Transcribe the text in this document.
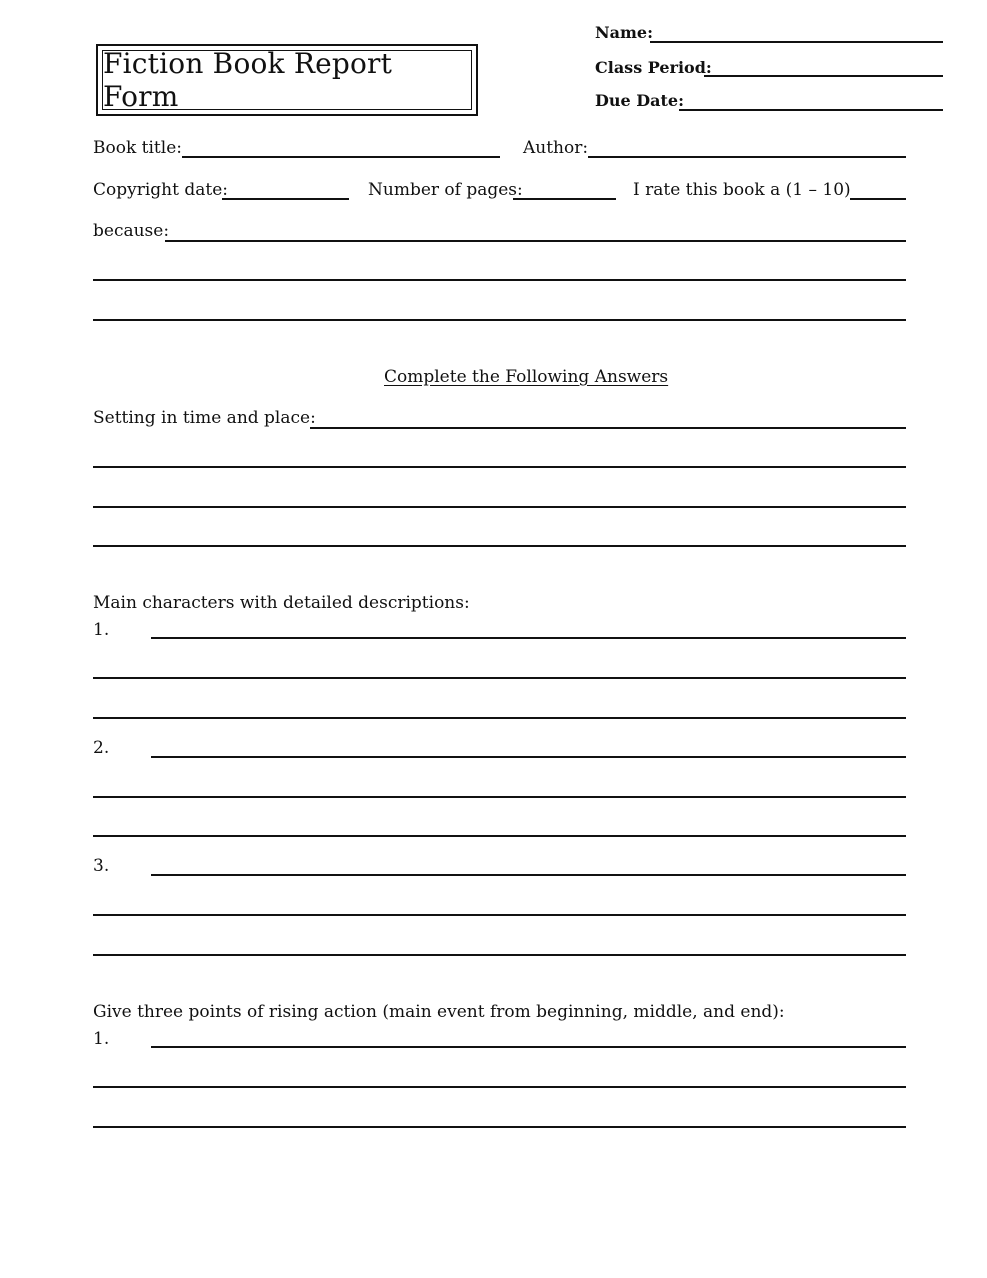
Name:
Class Period:
Due Date:
Fiction Book Report Form
Book title:	Author:
Copyright date:	Number of pages:	I rate this book a (1 – 10)
because:
Complete the Following Answers
Setting in time and place:
Main characters with detailed descriptions:
1.
2.
3.
Give three points of rising action (main event from beginning, middle, and end):
1.
